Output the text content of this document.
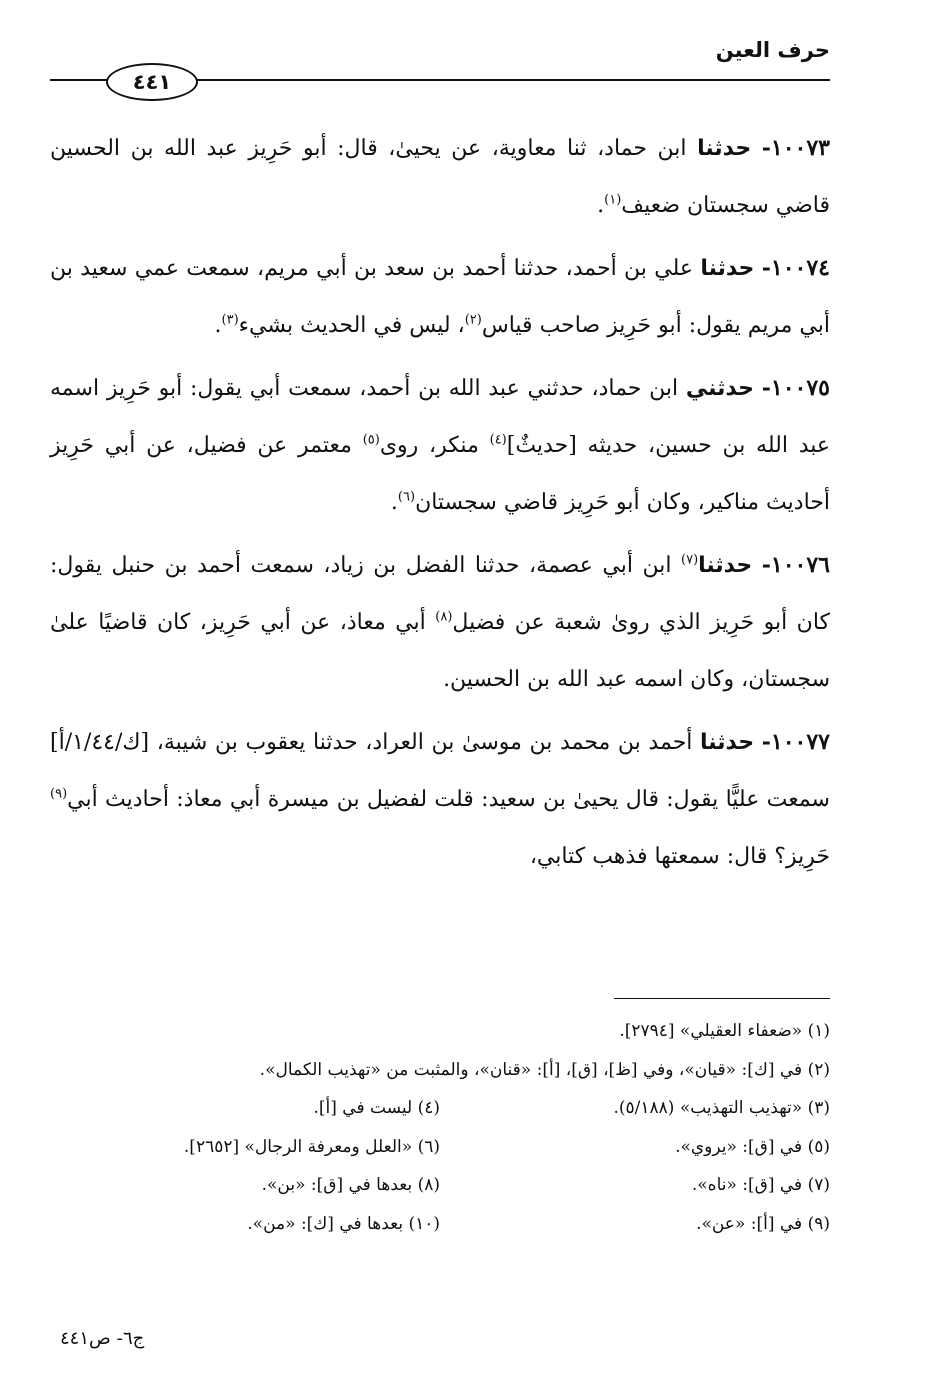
حرف العين
٤٤١

١٠٠٧٣- حدثنا ابن حماد، ثنا معاوية، عن يحيىٰ، قال: أبو حَرِيز عبد الله بن الحسين قاضي سجستان ضعيف$^{(١)}$.

١٠٠٧٤- حدثنا علي بن أحمد، حدثنا أحمد بن سعد بن أبي مريم، سمعت عمي سعيد بن أبي مريم يقول: أبو حَرِيز صاحب قياس$^{(٢)}$، ليس في الحديث بشيء$^{(٣)}$.

١٠٠٧٥- حدثني ابن حماد، حدثني عبد الله بن أحمد، سمعت أبي يقول: أبو حَرِيز اسمه عبد الله بن حسين، حديثه [حديثٌ]$^{(٤)}$ منكر، روى$^{(٥)}$ معتمر عن فضيل، عن أبي حَرِيز أحاديث مناكير، وكان أبو حَرِيز قاضي سجستان$^{(٦)}$.

١٠٠٧٦- حدثنا$^{(٧)}$ ابن أبي عصمة، حدثنا الفضل بن زياد، سمعت أحمد بن حنبل يقول: كان أبو حَرِيز الذي روىٰ شعبة عن فضيل$^{(٨)}$ أبي معاذ، عن أبي حَرِيز، كان قاضيًا علىٰ سجستان، وكان اسمه عبد الله بن الحسين.

١٠٠٧٧- حدثنا أحمد بن محمد بن موسىٰ بن العراد، حدثنا يعقوب بن شيبة، [ك/١/٤٤/أ] سمعت عليًّا يقول: قال يحيىٰ بن سعيد: قلت لفضيل بن ميسرة أبي معاذ: أحاديث أبي$^{(٩)}$ حَرِيز؟ قال: سمعتها فذهب كتابي،

(١) «ضعفاء العقيلي» [٢٧٩٤].
(٢) في [ك]: «قيان»، وفي [ظ]، [ق]، [أ]: «قنان»، والمثبت من «تهذيب الكمال».
(٣) «تهذيب التهذيب» (٥/١٨٨).
(٤) ليست في [أ].
(٥) في [ق]: «يروي».
(٦) «العلل ومعرفة الرجال» [٢٦٥٢].
(٧) في [ق]: «ناه».
(٨) بعدها في [ق]: «بن».
(٩) في [أ]: «عن».
(١٠) بعدها في [ك]: «من».
ج٦- ص٤٤١
